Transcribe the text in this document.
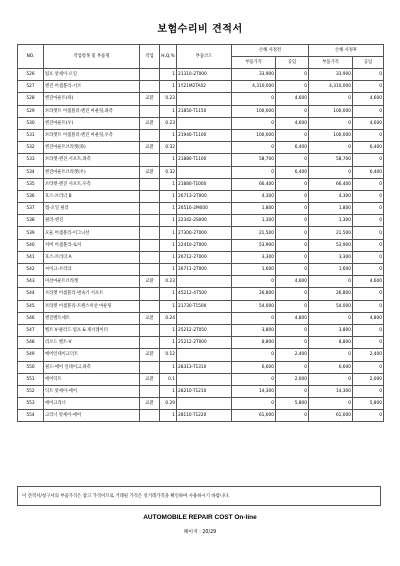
보험수리비 견적서
NO.	작업항목 및 부품명	작업	H,Q,%	부품코드	손해 사정전		손해 사정후	
					부품가격	공임	부품가격	공임
526	펌프 앗세이-오일		1	21310-2T000	33,900	0	33,900	0
527	엔진 어셈블리-서브		1	1Y21M2TA02	4,310,000	0	4,310,000	0
528	엔진마운트(좌)	교환	0.23		0	4,600	0	4,600
529	브라켓트 어셈블리-엔진 마운팅,좌측		1	21850-T1150	100,000	0	100,000	0
530	엔진마운트(우)	교환	0.23		0	4,600	0	4,600
531	브라켓트 어셈블리-엔진 마운팅,우측		1	21940-T1100	100,000	0	100,000	0
532	엔진마운트브라켓(좌)	교환	0.32		0	6,400	0	6,400
533	브라켓-엔진 서포트,좌측		1	21880-T1100	58,700	0	58,700	0
534	엔진마운트브라켓(우)	교환	0.32		0	6,400	0	6,400
535	브라켓-엔진 서포트,우측		1	21880-T1000	66,400	0	66,400	0
536	호스-브리더 B		1	26713-2T000	4,300	0	4,300	0
537	캡-오일 필러		1	26510-2M000	1,800	0	1,800	0
538	필러-엔진		1	22342-2S000	1,300	0	1,300	0
539	모듈 어셈블리-이그니션		1	27300-2T000	21,500	0	21,500	0
540	커버 어셈블리-로커		1	22410-2T000	53,900	0	53,900	0
541	호스-브리더 A		1	26712-2T000	3,300	0	3,300	0
542	씨이크-브리더		1	26711-2T000	1,600	0	1,600	0
543	미션마운트브라켓	교환	0.23		0	4,600	0	4,600
544	브라켓 어셈블리-변속기 서포트		1	45212-4T500	26,800	0	26,800	0
545	브라켓 어셈블리-트랜스미션 마운팅		1	21730-T1500	54,000	0	54,000	0
546	엔진벨트세트	교환	0.24		0	4,800	0	4,800
547	벨트 V-클러드 펌프 & 제너레이터		1	25212-2T050	3,800	0	3,800	0
548	리브드 벨트-V		1	25212-2T000	8,800	0	8,800	0
549	에어언테이크덕트	교환	0.12		0	2,400	0	2,400
550	필드-에어 인테이크,좌측		1	28313-T1310	6,600	0	6,600	0
551	에어덕트	교환	0.1		0	2,000	0	2,000
552	덕트 앗세이-에어		1	28210-T1210	14,300	0	14,300	0
553	에어크리너	교환	0.29		0	5,800	0	5,800
554	크리너 앗세이-에어		1	28110-T1220	61,000	0	61,000	0
이 견적서/청구서의 부품가격은 참고 가격이므로 거래될 가격은 실거래가격을 확인하여 사용하시기 바랍니다.
AUTOMOBILE REPAIR COST On-line
페이지 : 20/29
